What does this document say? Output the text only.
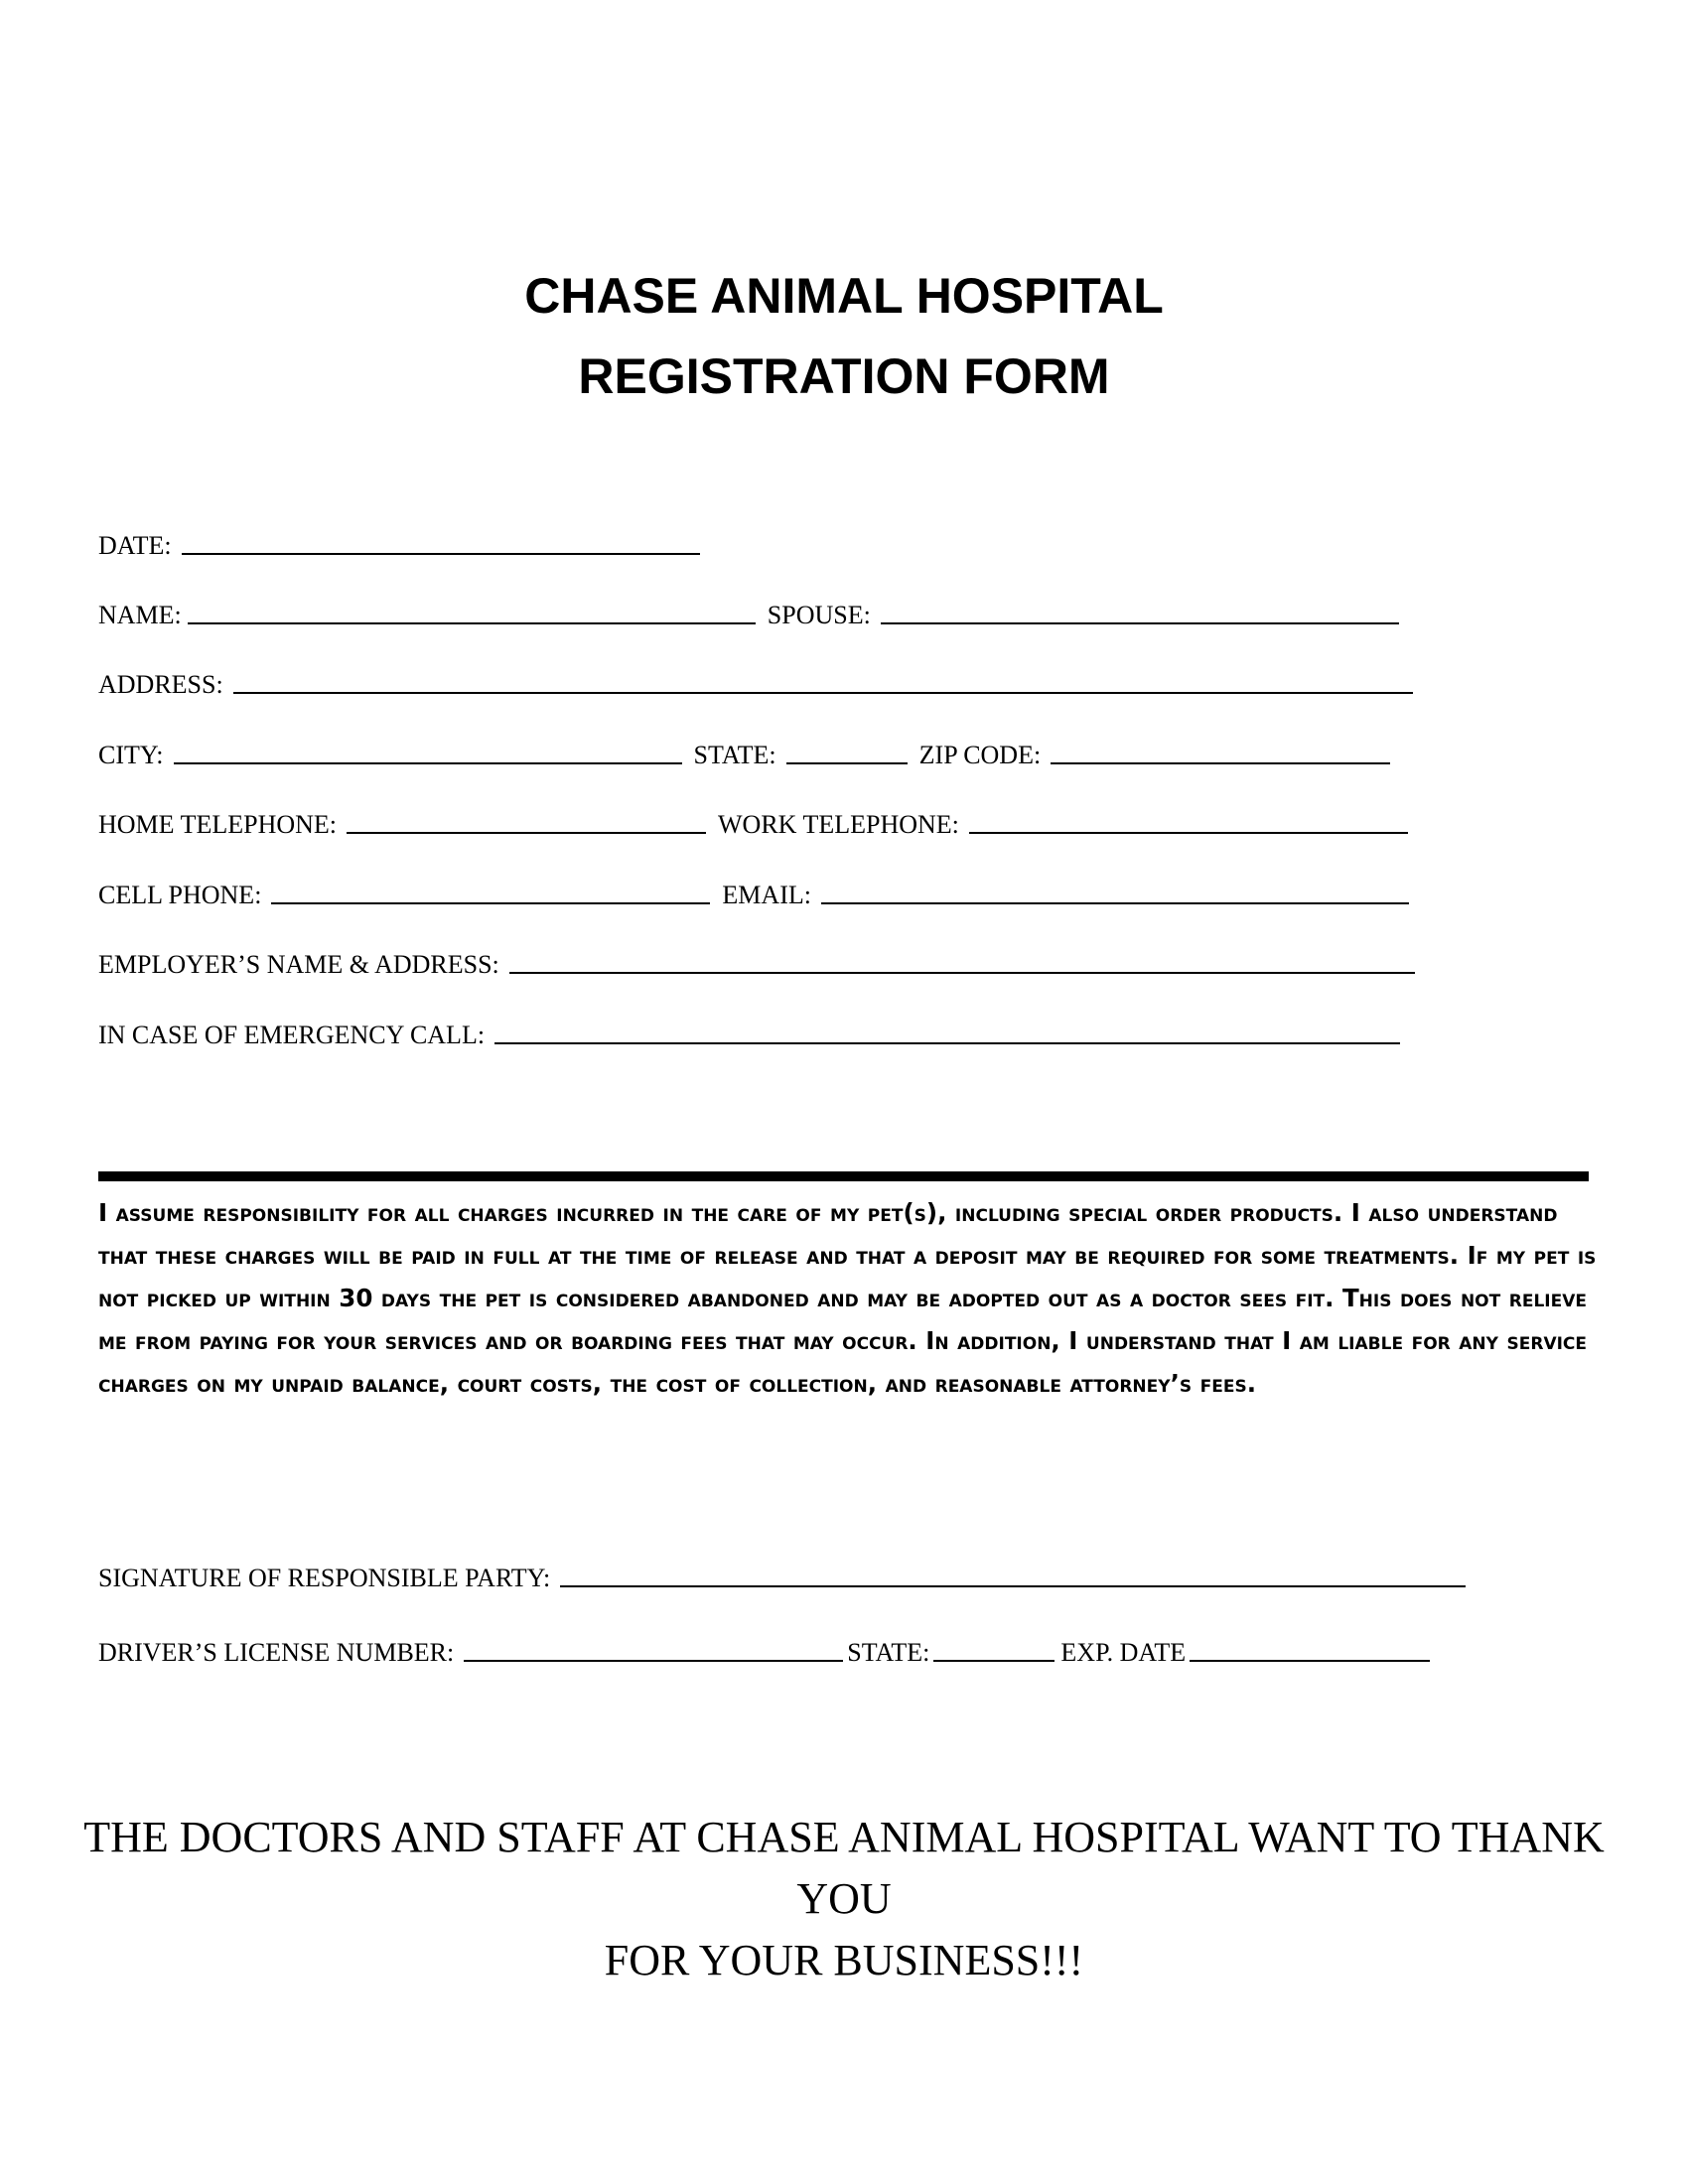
CHASE ANIMAL HOSPITAL
REGISTRATION FORM
DATE:
NAME:	SPOUSE:
ADDRESS:
CITY:	STATE:	ZIP CODE:
HOME TELEPHONE:	WORK TELEPHONE:
CELL PHONE:	EMAIL:
EMPLOYER’S NAME & ADDRESS:
IN CASE OF EMERGENCY CALL:

I assume responsibility for all charges incurred in the care of my pet(s), including special order products. I also understand that these charges will be paid in full at the time of release and that a deposit may be required for some treatments. If my pet is not picked up within 30 days the pet is considered abandoned and may be adopted out as a doctor sees fit. This does not relieve me from paying for your services and or boarding fees that may occur. In addition, I understand that I am liable for any service charges on my unpaid balance, court costs, the cost of collection, and reasonable attorney’s fees.

SIGNATURE OF RESPONSIBLE PARTY:
DRIVER’S LICENSE NUMBER:	STATE:	EXP. DATE
THE DOCTORS AND STAFF AT CHASE ANIMAL HOSPITAL WANT TO THANK YOU
FOR YOUR BUSINESS!!!
